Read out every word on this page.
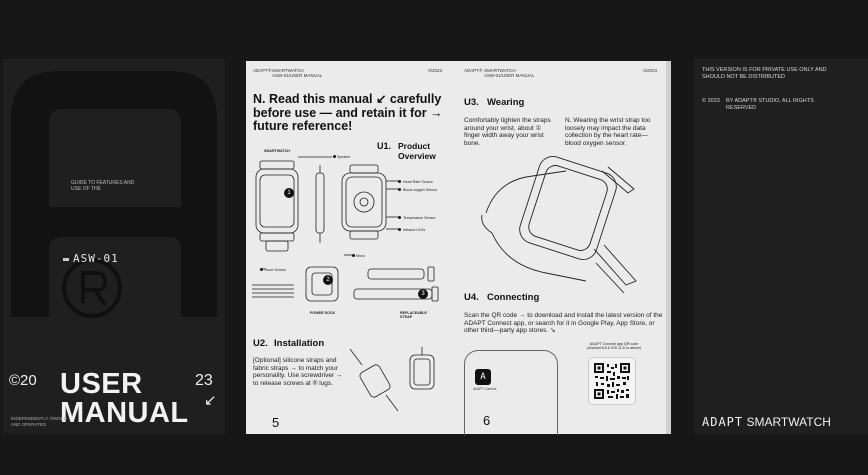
GUIDE TO FEATURES AND USE OF THE
ASW-01
©20 USER
MANUAL
23
↙
INDEPENDENTLY OWNED AND OPERATED
ADAPT® SMARTWATCH
ASW-01/USER MANUAL
0/2023
N. Read this manual ↙ carefully before use — and retain it for → future reference!
U1. Product Overview
SMARTWATCH
Speaker
Heart Rate Sensor
Blood oxygen Sensor
Temperature Sensor
Infrared LEDs
Micro
Touch Screen
1
2
3
POWER DOCK	REPLACEABLE STRAP
U2. Installation
[Optional] silicone straps and fabric straps → to match your personality. Use screwdriver → to release screws at ® lugs.
5
ADAPT® SMARTWATCH
ASW-01/USER MANUAL
0/2023
U3. Wearing
Comfortably tighten the straps around your wrist, about ① finger width away your wrist bone.
N. Wearing the wrist strap too loosely may impact the data collection by the heart rate—blood oxygen sensor.
U4. Connecting
Scan the QR code → to download and install the latest version of the ADAPT Connect app, or search for it in Google Play, App Store, or other third—party app stores. ↘
A
ADAPT Connect
ADAPT Connect app QR code (Android 8.8 & iOS 11.6 or above)
6
THIS VERSION IS FOR PRIVATE USE ONLY AND SHOULD NOT BE DISTRIBUTED
© 2023 BY ADAPT® STUDIO, ALL RIGHTS RESERVED
ADAPT SMARTWATCH
